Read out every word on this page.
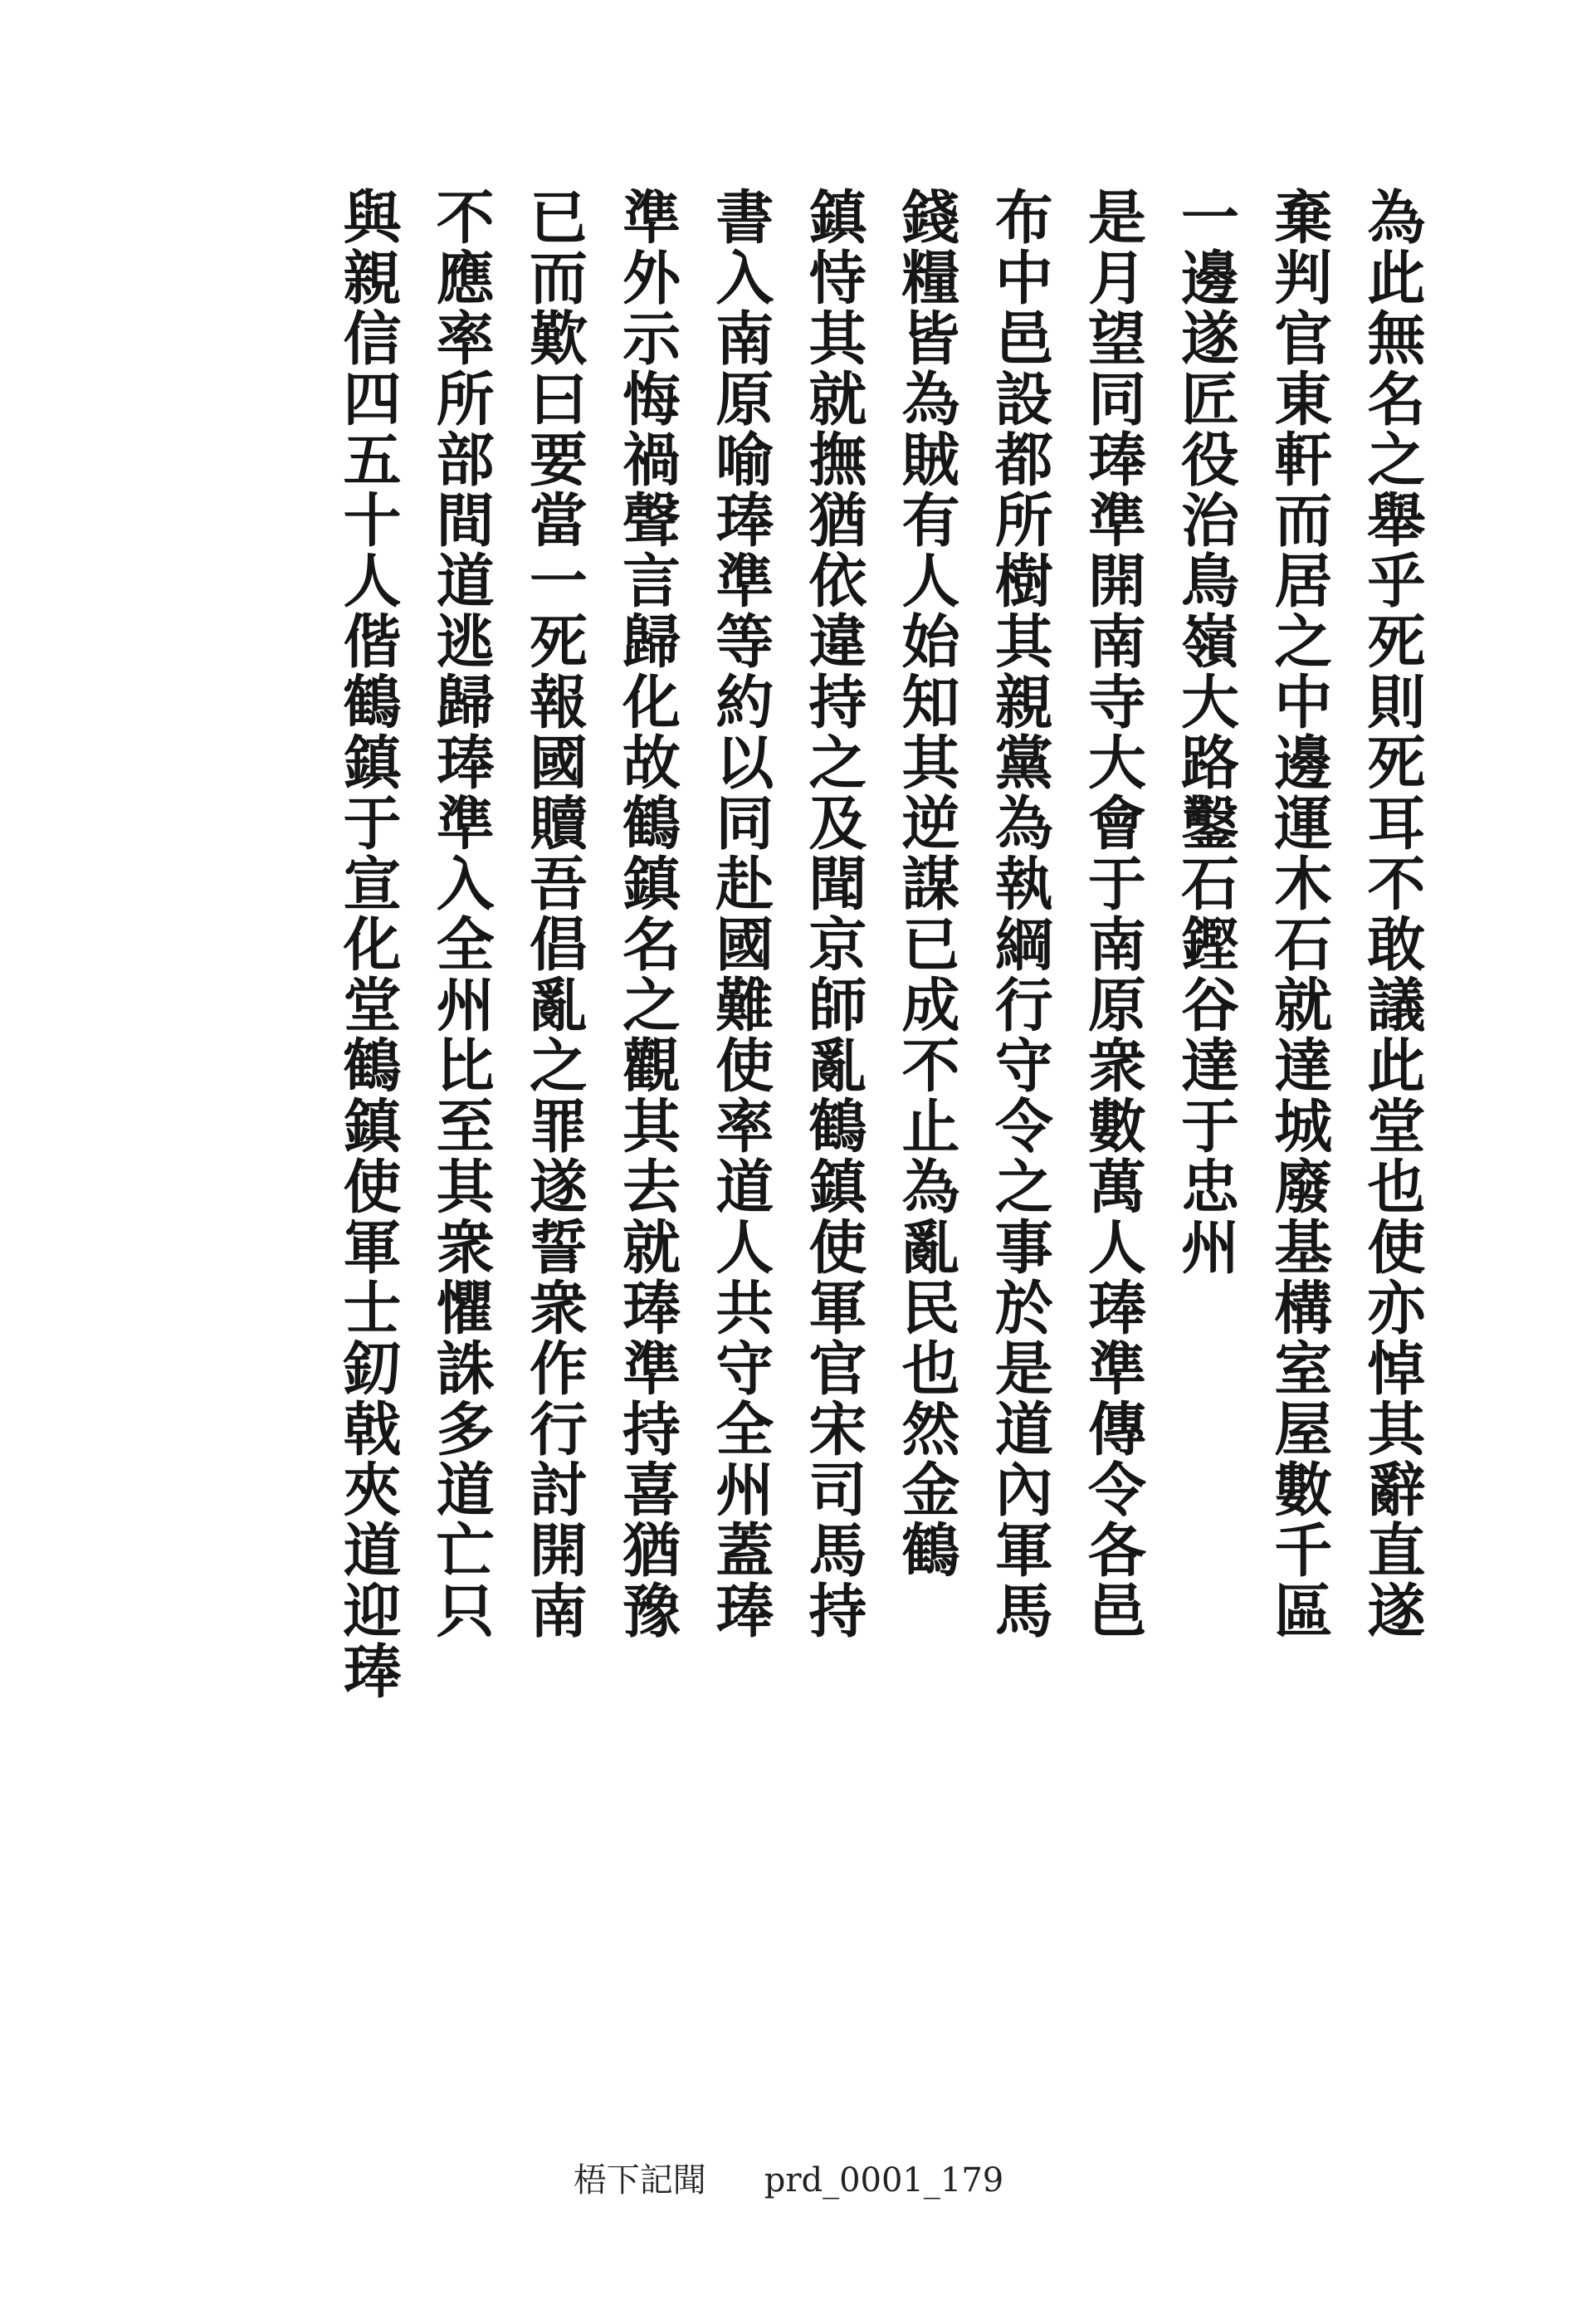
為此無名之舉乎死則死耳不敢議此堂也使亦悼其辭直遂
棄判官東軒而居之中邊運木石就達城廢基構室屋數千區
一邊遂匠役治鳥嶺大路鑿石鏗谷達于忠州
是月望同琫準開南寺大會于南原衆數萬人琫準傳令各邑
布中邑設都所樹其親黨為執綱行守令之事於是道內軍馬
錢糧皆為賊有人始知其逆謀已成不止為亂民也然金鶴
鎮恃其就撫猶依違持之及聞京師亂鶴鎮使軍官宋司馬持
書入南原喻琫準等約以同赴國難使率道人共守全州蓋琫
準外示悔禍聲言歸化故鶴鎮名之觀其去就琫準持喜猶豫
已而歎曰要當一死報國贖吾倡亂之罪遂誓衆作行討開南
不應率所部間道逃歸琫準入全州比至其衆懼誅多道亡只
與親信四五十人偕鶴鎮于宣化堂鶴鎮使軍士釖戟夾道迎琫
梧下記聞 prd_0001_179
